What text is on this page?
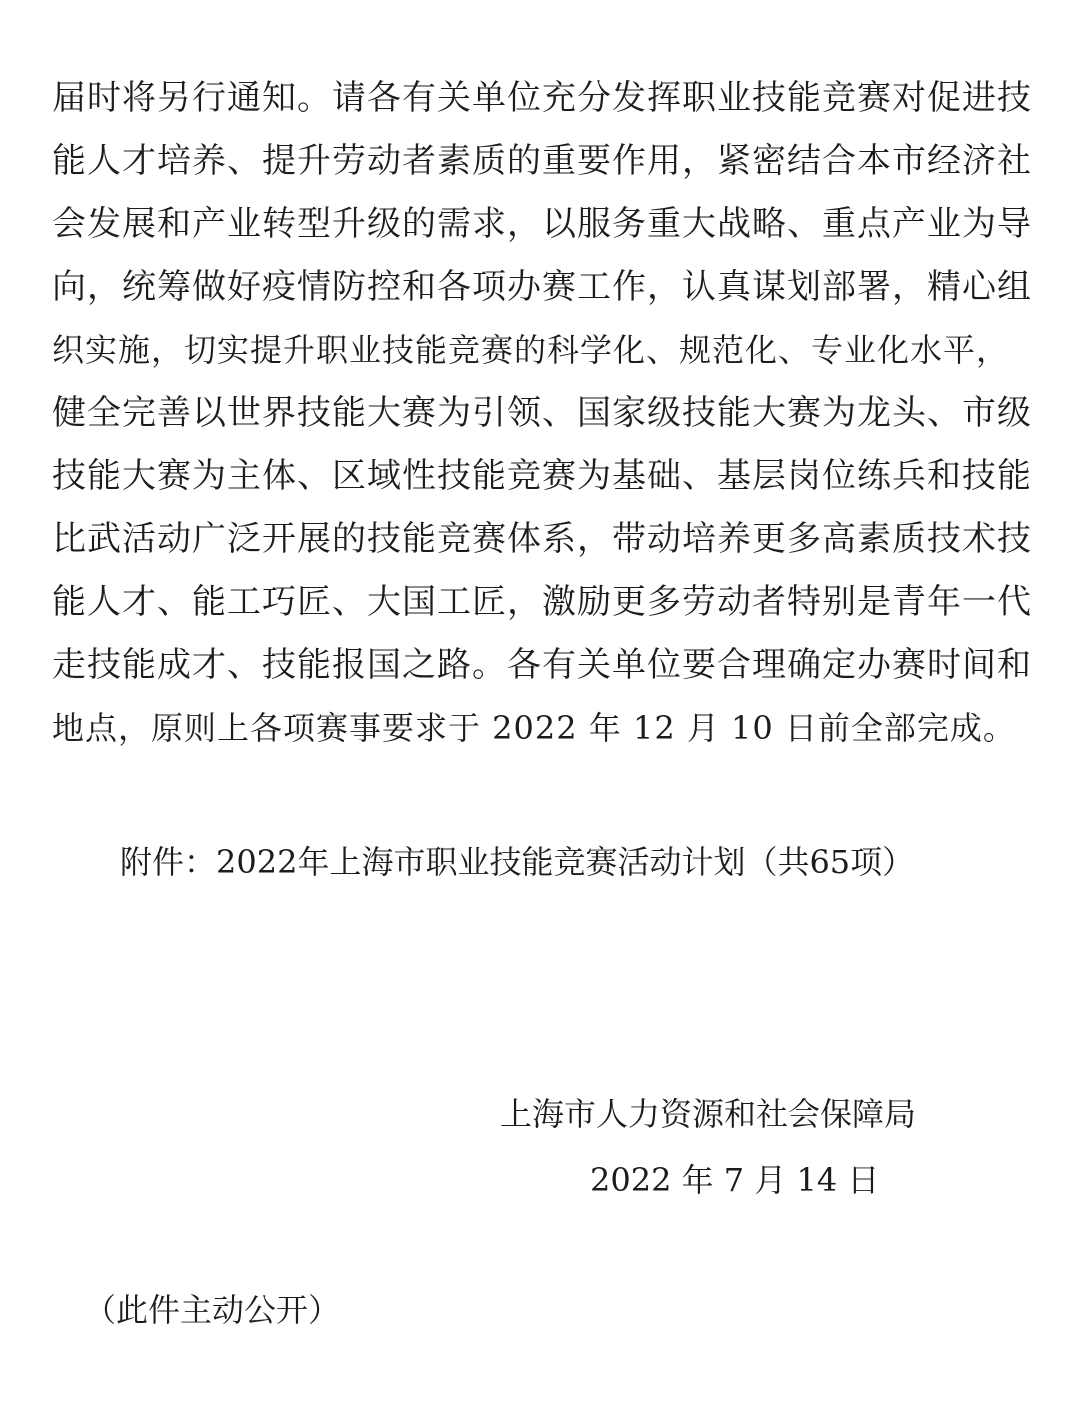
届时将另行通知。请各有关单位充分发挥职业技能竞赛对促进技
能人才培养、提升劳动者素质的重要作用，紧密结合本市经济社
会发展和产业转型升级的需求，以服务重大战略、重点产业为导
向，统筹做好疫情防控和各项办赛工作，认真谋划部署，精心组
织实施，切实提升职业技能竞赛的科学化、规范化、专业化水平，
健全完善以世界技能大赛为引领、国家级技能大赛为龙头、市级
技能大赛为主体、区域性技能竞赛为基础、基层岗位练兵和技能
比武活动广泛开展的技能竞赛体系，带动培养更多高素质技术技
能人才、能工巧匠、大国工匠，激励更多劳动者特别是青年一代
走技能成才、技能报国之路。各有关单位要合理确定办赛时间和
地点，原则上各项赛事要求于 2022 年 12 月 10 日前全部完成。
附件：2022年上海市职业技能竞赛活动计划（共65项）
上海市人力资源和社会保障局
2022 年 7 月 14 日
（此件主动公开）
